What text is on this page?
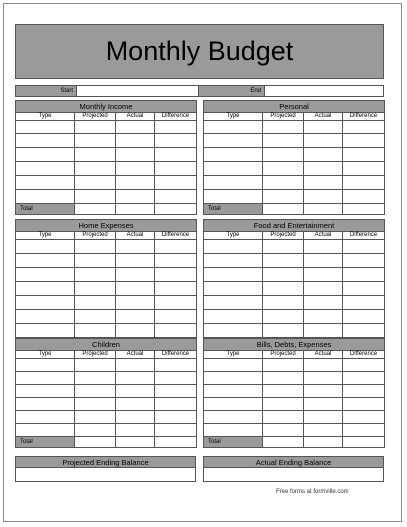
Monthly Budget
Start	End
Monthly Income			
Type	Projected	Actual	Difference

Total			
Personal			
Type	Projected	Actual	Difference

Total			
Home Expenses			
Type	Projected	Actual	Difference

Food and Entertainment			
Type	Projected	Actual	Difference

Children			
Type	Projected	Actual	Difference

Total			
Bills, Debts, Expenses			
Type	Projected	Actual	Difference

Total			
Projected Ending Balance	Actual Ending Balance

Free forms at formville.com
